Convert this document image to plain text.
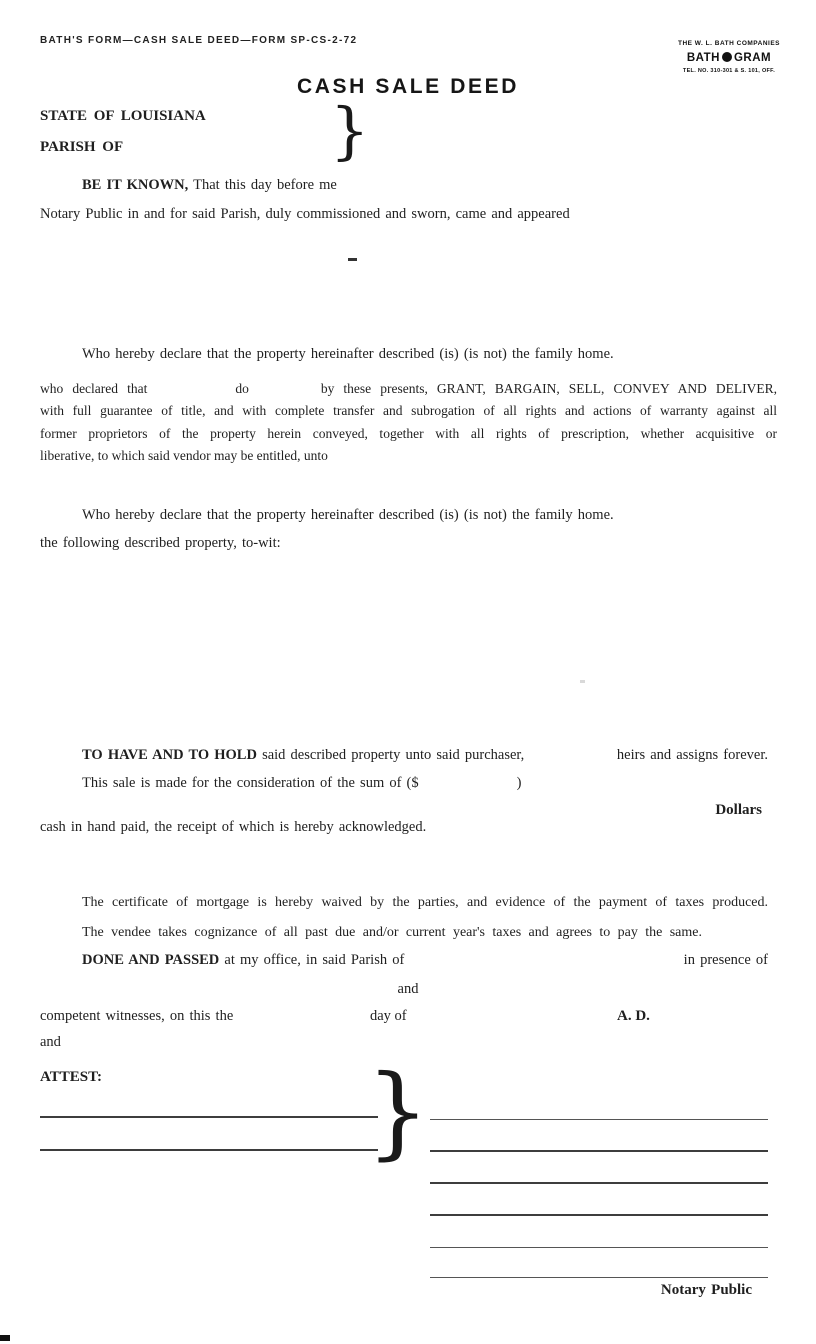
BATH'S FORM—CASH SALE DEED—FORM SP-CS-2-72	THE W. L. BATH COMPANIES
BATH GRAM
TEL. NO. 310-301 & S. 101, OFF.
CASH SALE DEED
STATE OF LOUISIANA
PARISH OF	}
BE IT KNOWN, That this day before me
Notary Public in and for said Parish, duly commissioned and sworn, came and appeared
Who hereby declare that the property hereinafter described (is) (is not) the family home.
who declared that	do	by these presents, GRANT, BARGAIN, SELL, CONVEY AND DELIVER,
with full guarantee of title, and with complete transfer and subrogation of all rights and actions of warranty against all
former proprietors of the property herein conveyed, together with all rights of prescription, whether acquisitive or
liberative, to which said vendor may be entitled, unto
Who hereby declare that the property hereinafter described (is) (is not) the family home.
the following described property, to-wit:
TO HAVE AND TO HOLD said described property unto said purchaser,	heirs and assigns forever.
This sale is made for the consideration of the sum of ($	)
Dollars
cash in hand paid, the receipt of which is hereby acknowledged.
The certificate of mortgage is hereby waived by the parties, and evidence of the payment of taxes produced.
The vendee takes cognizance of all past due and/or current year's taxes and agrees to pay the same.
DONE AND PASSED at my office, in said Parish of	in presence of
and
competent witnesses, on this the	day of	A. D.
and
ATTEST:	}
Notary Public
